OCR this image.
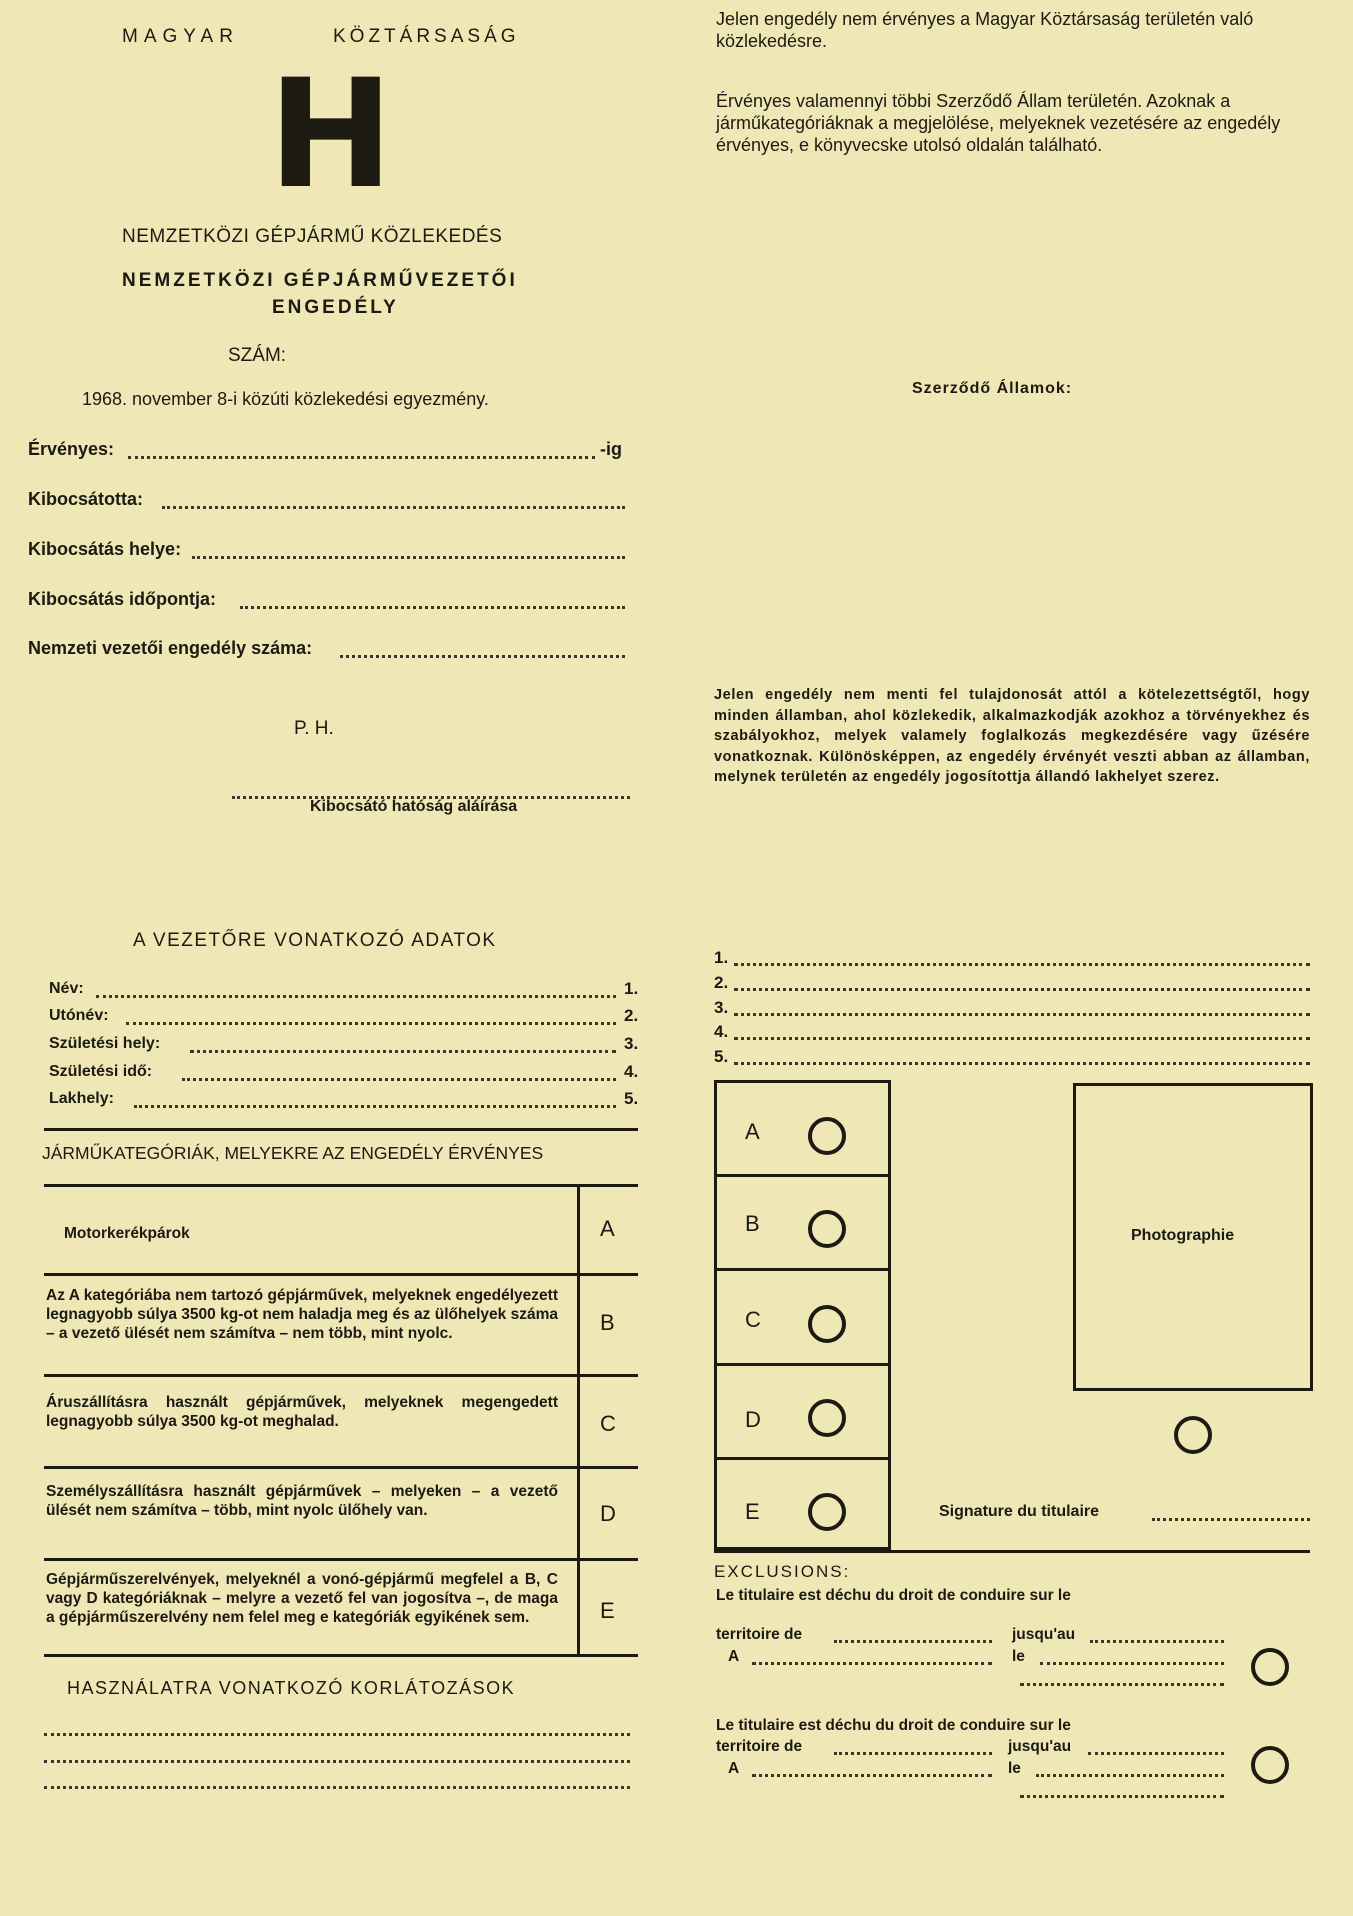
MAGYAR	KÖZTÁRSASÁG
H
NEMZETKÖZI GÉPJÁRMŰ KÖZLEKEDÉS
NEMZETKÖZI GÉPJÁRMŰVEZETŐI
ENGEDÉLY
SZÁM:
1968. november 8-i közúti közlekedési egyezmény.
Érvényes:	-ig
Kibocsátotta:
Kibocsátás helye:
Kibocsátás időpontja:
Nemzeti vezetői engedély száma:
P. H.
Kibocsátó hatóság aláírása
A VEZETŐRE VONATKOZÓ ADATOK
Név:	1.
Utónév:	2.
Születési hely:	3.
Születési idő:	4.
Lakhely:	5.
JÁRMŰKATEGÓRIÁK, MELYEKRE AZ ENGEDÉLY ÉRVÉNYES
Motorkerékpárok	A
Az A kategóriába nem tartozó gépjárművek, melyeknek engedélyezett legnagyobb súlya 3500 kg-ot nem haladja meg és az ülőhelyek száma – a vezető ülését nem számítva – nem több, mint nyolc.	B
Áruszállításra használt gépjárművek, melyeknek megengedett legnagyobb súlya 3500 kg-ot meghalad.	C
Személyszállításra használt gépjárművek – melyeken – a vezető ülését nem számítva – több, mint nyolc ülőhely van.	D
Gépjárműszerelvények, melyeknél a vonó-gépjármű megfelel a B, C vagy D kategóriáknak – melyre a vezető fel van jogosítva –, de maga a gépjárműszerelvény nem felel meg e kategóriák egyikének sem.	E
HASZNÁLATRA VONATKOZÓ KORLÁTOZÁSOK
Jelen engedély nem érvényes a Magyar Köztársaság területén való közlekedésre.
Érvényes valamennyi többi Szerződő Állam területén. Azoknak a járműkategóriáknak a megjelölése, melyeknek vezetésére az engedély érvényes, e könyvecske utolsó oldalán található.
Szerződő Államok:
Jelen engedély nem menti fel tulajdonosát attól a kötelezettségtől, hogy minden államban, ahol közlekedik, alkalmazkodják azokhoz a törvényekhez és szabályokhoz, melyek valamely foglalkozás megkezdésére vagy űzésére vonatkoznak. Különösképpen, az engedély érvényét veszti abban az államban, melynek területén az engedély jogosítottja állandó lakhelyet szerez.
1.
2.
3.
4.
5.
A
B
C
D
E
Photographie
Signature du titulaire
EXCLUSIONS:
Le titulaire est déchu du droit de conduire sur le
territoire de	jusqu'au
A	le
Le titulaire est déchu du droit de conduire sur le
territoire de	jusqu'au
A	le
